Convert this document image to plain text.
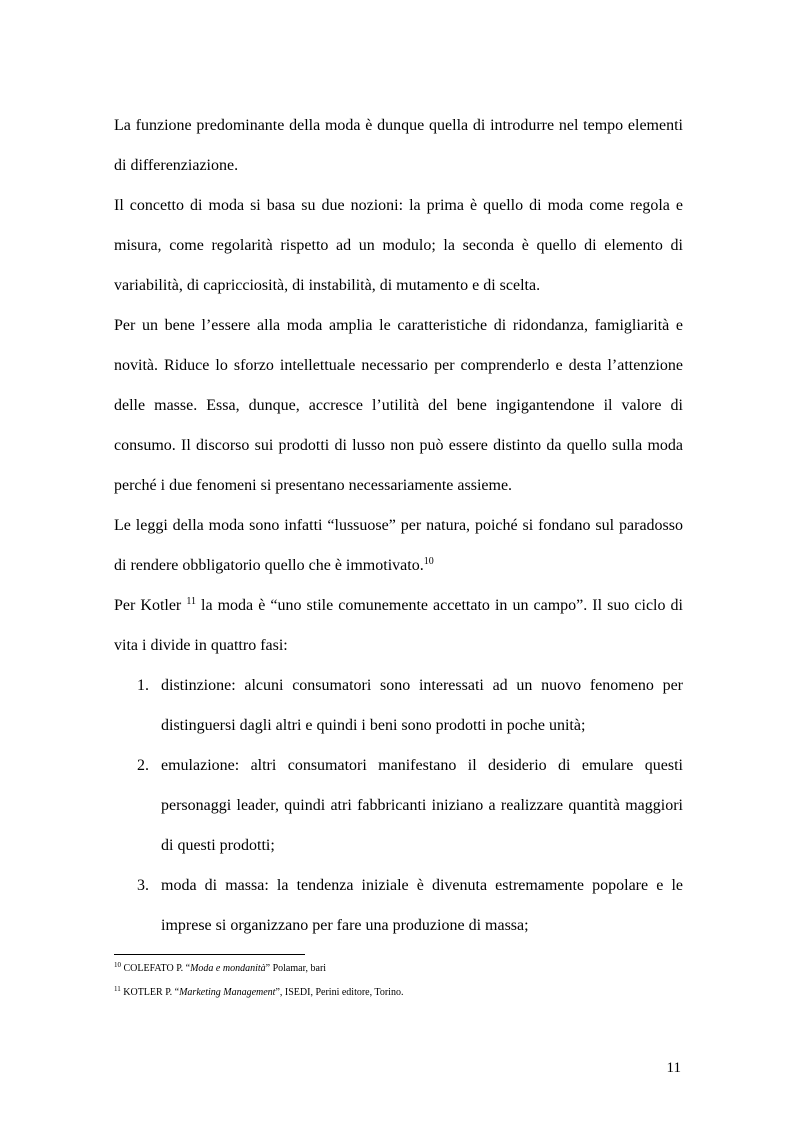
La funzione predominante della moda è dunque quella di introdurre nel tempo elementi di differenziazione.

Il concetto di moda si basa su due nozioni: la prima è quello di moda come regola e misura, come regolarità rispetto ad un modulo; la seconda è quello di elemento di variabilità, di capricciosità, di instabilità, di mutamento e di scelta.

Per un bene l’essere alla moda amplia le caratteristiche di ridondanza, famigliarità e novità. Riduce lo sforzo intellettuale necessario per comprenderlo e desta l’attenzione delle masse. Essa, dunque, accresce l’utilità del bene ingigantendone il valore di consumo. Il discorso sui prodotti di lusso non può essere distinto da quello sulla moda perché i due fenomeni si presentano necessariamente assieme.

Le leggi della moda sono infatti “lussuose” per natura, poiché si fondano sul paradosso di rendere obbligatorio quello che è immotivato.$^{10}$

Per Kotler $^{11}$ la moda è “uno stile comunemente accettato in un campo”. Il suo ciclo di vita i divide in quattro fasi:

1. distinzione: alcuni consumatori sono interessati ad un nuovo fenomeno per distinguersi dagli altri e quindi i beni sono prodotti in poche unità;
2. emulazione: altri consumatori manifestano il desiderio di emulare questi personaggi leader, quindi atri fabbricanti iniziano a realizzare quantità maggiori di questi prodotti;
3. moda di massa: la tendenza iniziale è divenuta estremamente popolare e le imprese si organizzano per fare una produzione di massa;

$^{10}$ COLEFATO P. “Moda e mondanità” Polamar, bari

$^{11}$ KOTLER P. “Marketing Management”, ISEDI, Perini editore, Torino.

11
